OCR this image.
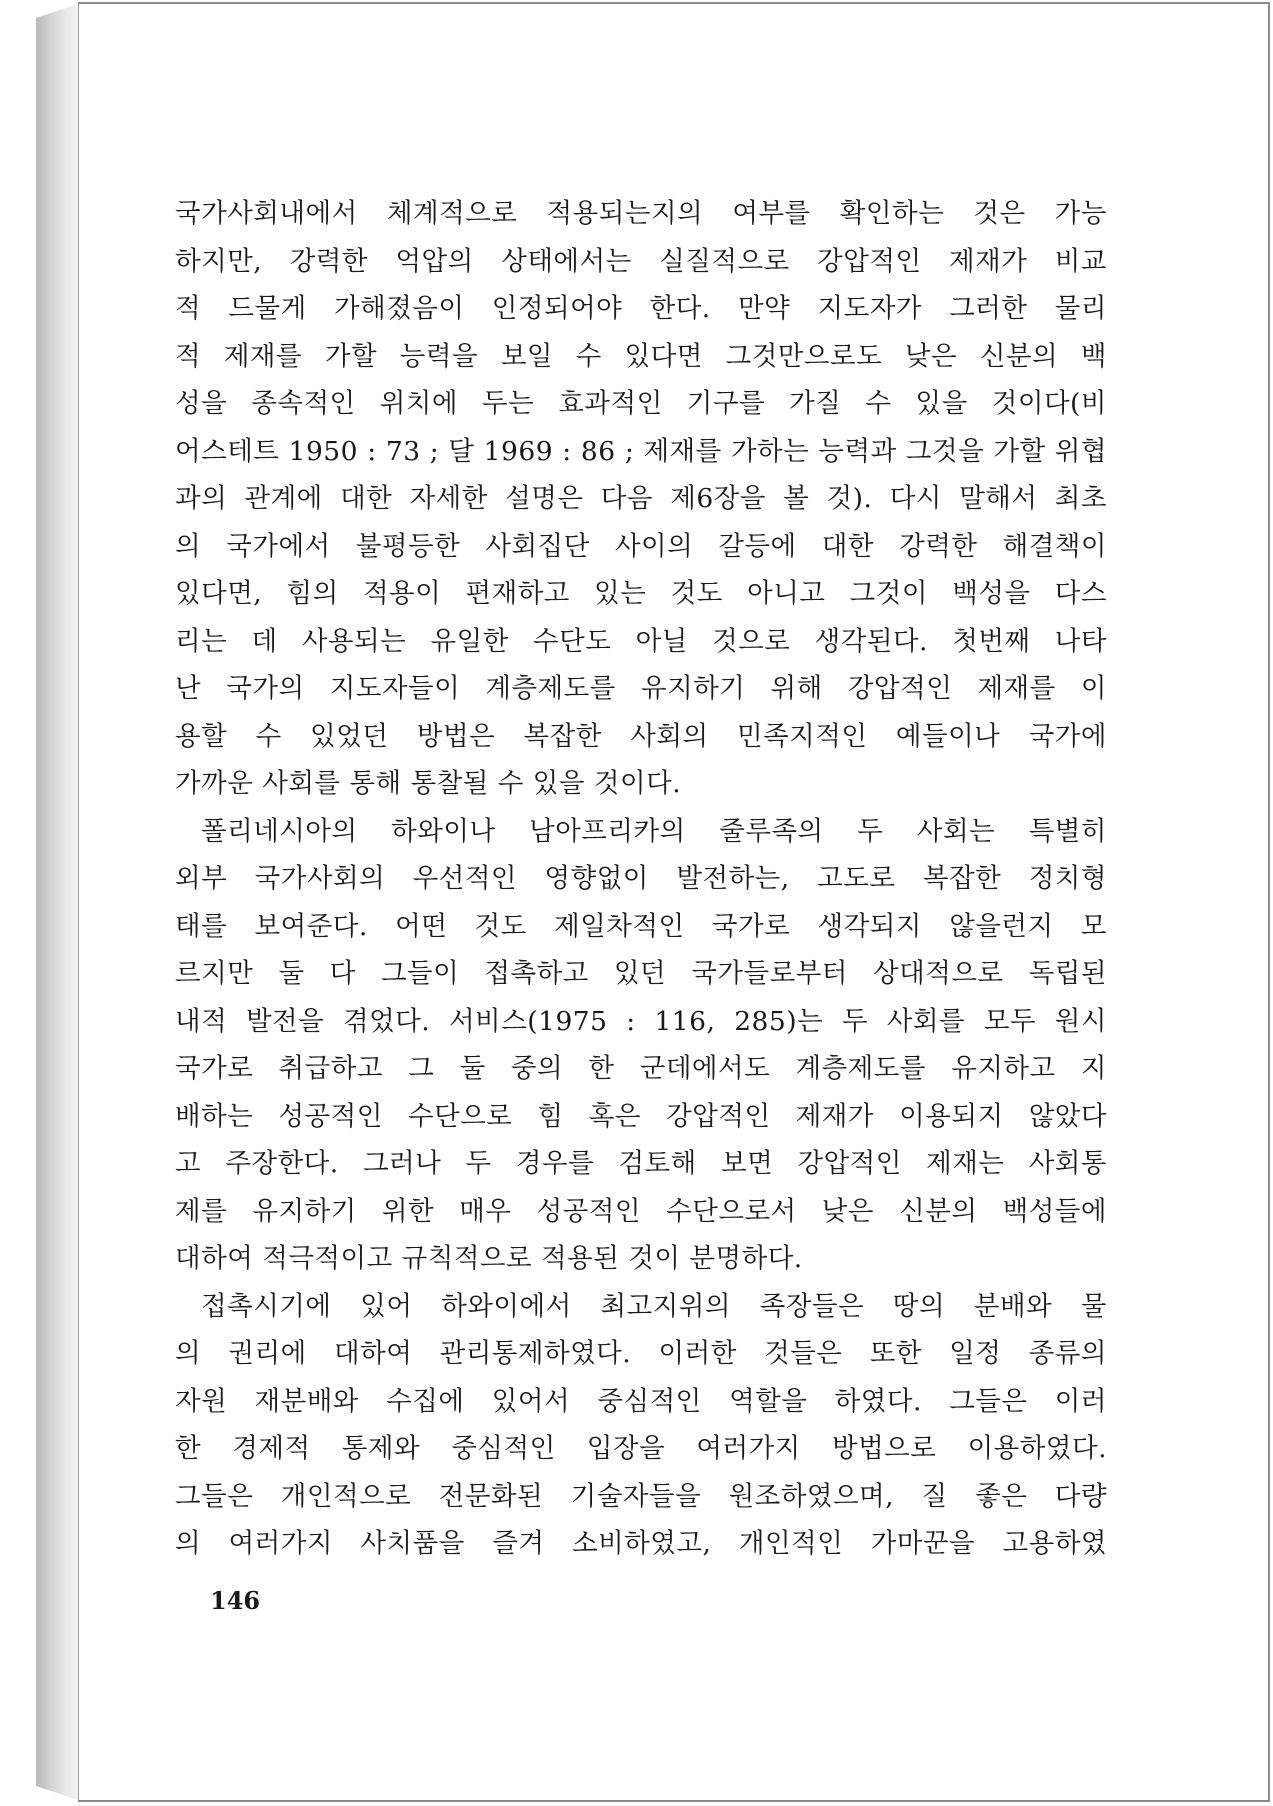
국가사회내에서 체계적으로 적용되는지의 여부를 확인하는 것은 가능
하지만, 강력한 억압의 상태에서는 실질적으로 강압적인 제재가 비교
적 드물게 가해졌음이 인정되어야 한다. 만약 지도자가 그러한 물리
적 제재를 가할 능력을 보일 수 있다면 그것만으로도 낮은 신분의 백
성을 종속적인 위치에 두는 효과적인 기구를 가질 수 있을 것이다(비
어스테트 1950 : 73 ; 달 1969 : 86 ; 제재를 가하는 능력과 그것을 가할 위협
과의 관계에 대한 자세한 설명은 다음 제6장을 볼 것). 다시 말해서 최초
의 국가에서 불평등한 사회집단 사이의 갈등에 대한 강력한 해결책이
있다면, 힘의 적용이 편재하고 있는 것도 아니고 그것이 백성을 다스
리는 데 사용되는 유일한 수단도 아닐 것으로 생각된다. 첫번째 나타
난 국가의 지도자들이 계층제도를 유지하기 위해 강압적인 제재를 이
용할 수 있었던 방법은 복잡한 사회의 민족지적인 예들이나 국가에
가까운 사회를 통해 통찰될 수 있을 것이다.
폴리네시아의 하와이나 남아프리카의 줄루족의 두 사회는 특별히
외부 국가사회의 우선적인 영향없이 발전하는, 고도로 복잡한 정치형
태를 보여준다. 어떤 것도 제일차적인 국가로 생각되지 않을런지 모
르지만 둘 다 그들이 접촉하고 있던 국가들로부터 상대적으로 독립된
내적 발전을 겪었다. 서비스(1975 : 116, 285)는 두 사회를 모두 원시
국가로 취급하고 그 둘 중의 한 군데에서도 계층제도를 유지하고 지
배하는 성공적인 수단으로 힘 혹은 강압적인 제재가 이용되지 않았다
고 주장한다. 그러나 두 경우를 검토해 보면 강압적인 제재는 사회통
제를 유지하기 위한 매우 성공적인 수단으로서 낮은 신분의 백성들에
대하여 적극적이고 규칙적으로 적용된 것이 분명하다.
접촉시기에 있어 하와이에서 최고지위의 족장들은 땅의 분배와 물
의 권리에 대하여 관리통제하였다. 이러한 것들은 또한 일정 종류의
자원 재분배와 수집에 있어서 중심적인 역할을 하였다. 그들은 이러
한 경제적 통제와 중심적인 입장을 여러가지 방법으로 이용하였다.
그들은 개인적으로 전문화된 기술자들을 원조하였으며, 질 좋은 다량
의 여러가지 사치품을 즐겨 소비하였고, 개인적인 가마꾼을 고용하였
146
